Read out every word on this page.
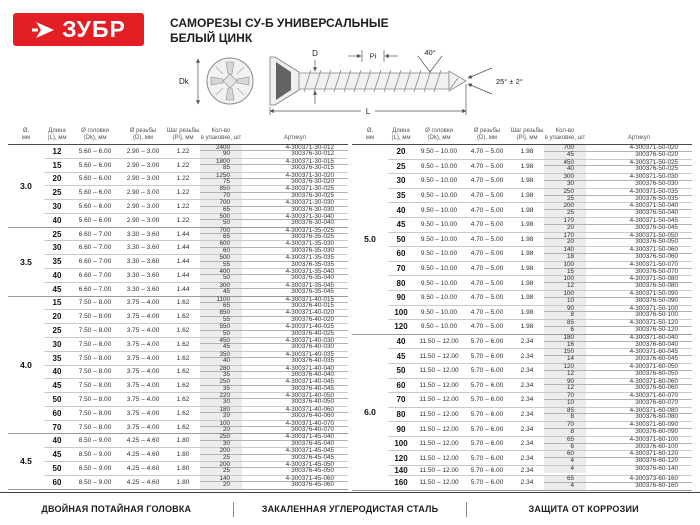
ЗУБР	САМОРЕЗЫ СУ-Б УНИВЕРСАЛЬНЫЕ
БЕЛЫЙ ЦИНК
Dk
D	Pi	40°
25° ± 2°
L
Ø,
мм
Длина
(L), мм
Ø головки
(Dk), мм
Ø резьбы
(D), мм
Шаг резьбы
(Pi), мм
Кол-во
в упаковке, шт	Артикул
3.0
12	5.60 – 6.00	2.90 – 3.00	1.22
2400	4-300371-30-012
90	300376-30-012
15	5.60 – 6.00	2.90 – 3.00	1.22
1800	4-300371-30-015
85	300376-30-015
20	5.60 – 6.00	2.90 – 3.00	1.22
1250	4-300371-30-020
75	300376-30-020
25	5.60 – 6.00	2.90 – 3.00	1.22
850	4-300371-30-025
70	300376-30-025
30	5.60 – 6.00	2.90 – 3.00	1.22
700	4-300371-30-030
65	300376-30-030
40	5.60 – 6.00	2.90 – 3.00	1.22
500	4-300371-30-040
50	300376-30-040
3.5
25	6.60 – 7.00	3.30 – 3.60	1.44
700	4-300371-35-025
65	300376-35-025
30	6.60 – 7.00	3.30 – 3.60	1.44
600	4-300371-35-030
60	300376-35-030
35	6.60 – 7.00	3.30 – 3.60	1.44
500	4-300371-35-035
55	300376-35-035
40	6.60 – 7.00	3.30 – 3.60	1.44
400	4-300371-35-040
50	300376-35-040
45	6.60 – 7.00	3.30 – 3.60	1.44
300	4-300371-35-045
45	300376-35-045
4.0
15	7.50 – 8.00	3.75 – 4.00	1.62
1100	4-300371-40-015
65	300376-40-015
20	7.50 – 8.00	3.75 – 4.00	1.62
850	4-300371-40-020
55	300376-40-020
25	7.50 – 8.00	3.75 – 4.00	1.62
550	4-300371-40-025
50	300376-40-025
30	7.50 – 8.00	3.75 – 4.00	1.62
450	4-300371-40-030
45	300376-40-030
35	7.50 – 8.00	3.75 – 4.00	1.62
350	4-300371-40-035
40	300376-40-035
40	7.50 – 8.00	3.75 – 4.00	1.62
280	4-300371-40-040
35	300376-40-040
45	7.50 – 8.00	3.75 – 4.00	1.62
250	4-300371-40-045
35	300376-40-045
50	7.50 – 8.00	3.75 – 4.00	1.62
220	4-300371-40-050
30	300376-40-050
60	7.50 – 8.00	3.75 – 4.00	1.62
180	4-300371-40-060
20	300376-40-060
70	7.50 – 8.00	3.75 – 4.00	1.62
100	4-300371-40-070
20	300376-40-070
4.5
40	8.50 – 9.00	4.25 – 4.60	1.80
250	4-300371-45-040
30	300376-45-040
45	8.50 – 9.00	4.25 – 4.60	1.80
200	4-300371-45-045
25	300376-45-045
50	8.50 – 9.00	4.25 – 4.60	1.80
200	4-300371-45-050
25	300376-45-050
60	8.50 – 9.00	4.25 – 4.60	1.80
140	4-300371-45-060
20	300376-45-060
Ø,
мм
Длина
(L), мм
Ø головки
(Dk), мм
Ø резьбы
(D), мм
Шаг резьбы
(Pi), мм
Кол-во
в упаковке, шт	Артикул
5.0
20	9.50 – 10.00	4.70 – 5.00	1.98
700	4-300371-50-020
45	300376-50-020
25	9.50 – 10.00	4.70 – 5.00	1.98
450	4-300371-50-025
40	300376-50-025
30	9.50 – 10.00	4.70 – 5.00	1.98
300	4-300371-50-030
30	300376-50-030
35	9.50 – 10.00	4.70 – 5.00	1.98
250	4-300371-50-035
25	300376-50-035
40	9.50 – 10.00	4.70 – 5.00	1.98
200	4-300371-50-040
25	300376-50-040
45	9.50 – 10.00	4.70 – 5.00	1.98
170	4-300371-50-045
20	300376-50-045
50	9.50 – 10.00	4.70 – 5.00	1.98
170	4-300371-50-050
20	300376-50-050
60	9.50 – 10.00	4.70 – 5.00	1.98
140	4-300371-50-060
18	300376-50-060
70	9.50 – 10.00	4.70 – 5.00	1.98
100	4-300371-50-070
15	300376-50-070
80	9.50 – 10.00	4.70 – 5.00	1.98
100	4-300371-50-080
12	300376-50-080
90	9.50 – 10.00	4.70 – 5.00	1.98
100	4-300371-50-090
10	300376-50-090
100	9.50 – 10.00	4.70 – 5.00	1.98
90	4-300371-50-100
8	300376-50-100
120	9.50 – 10.00	4.70 – 5.00	1.98
85	4-300371-50-120
6	300376-50-120
6.0
40	11.50 – 12.00	5.70 – 6.00	2.34
180	4-300371-60-040
16	300376-60-040
45	11.50 – 12.00	5.70 – 6.00	2.34
150	4-300371-60-045
14	300376-60-045
50	11.50 – 12.00	5.70 – 6.00	2.34
120	4-300371-60-050
12	300376-60-050
60	11.50 – 12.00	5.70 – 6.00	2.34
90	4-300371-60-060
12	300376-60-060
70	11.50 – 12.00	5.70 – 6.00	2.34
70	4-300371-60-070
10	300376-60-070
80	11.50 – 12.00	5.70 – 6.00	2.34
85	4-300371-60-080
8	300376-60-080
90	11.50 – 12.00	5.70 – 6.00	2.34
70	4-300371-60-090
8	300376-60-090
100	11.50 – 12.00	5.70 – 6.00	2.34
65	4-300371-60-100
6	300376-60-100
120	11.50 – 12.00	5.70 – 6.00	2.34
60	4-300371-60-120
4	300376-60-120
140	11.50 – 12.00	5.70 – 6.00	2.34	4	300376-60-140
160	11.50 – 12.00	5.70 – 6.00	2.34
65	4-300373-60-160
4	300376-60-160
ДВОЙНАЯ ПОТАЙНАЯ ГОЛОВКА	ЗАКАЛЕННАЯ УГЛЕРОДИСТАЯ СТАЛЬ	ЗАЩИТА ОТ КОРРОЗИИ
